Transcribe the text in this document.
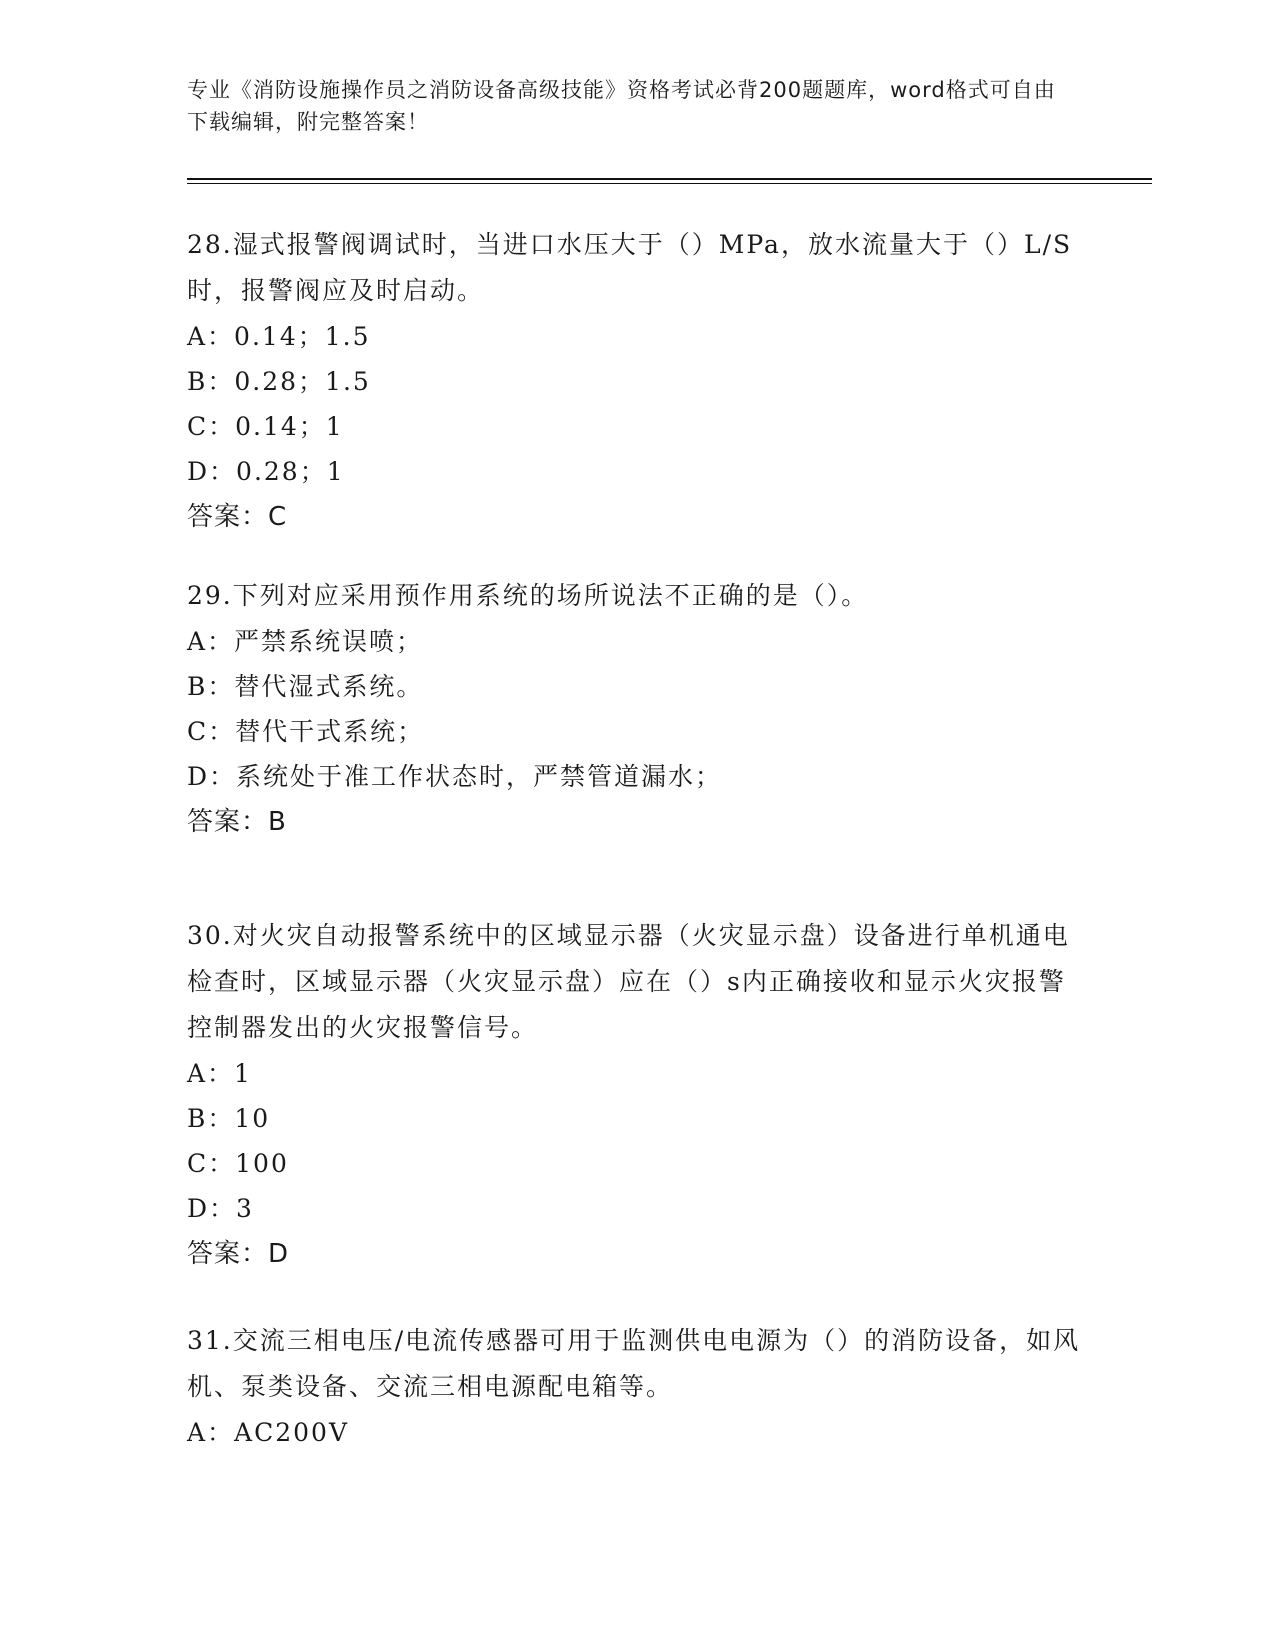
专业《消防设施操作员之消防设备高级技能》资格考试必背200题题库，word格式可自由下载编辑，附完整答案！

28.湿式报警阀调试时，当进口水压大于（）MPa，放水流量大于（）L/S时，报警阀应及时启动。

A：0.14；1.5

B：0.28；1.5

C：0.14；1

D：0.28；1

答案：C

29.下列对应采用预作用系统的场所说法不正确的是（）。

A：严禁系统误喷；

B：替代湿式系统。

C：替代干式系统；

D：系统处于准工作状态时，严禁管道漏水；

答案：B

30.对火灾自动报警系统中的区域显示器（火灾显示盘）设备进行单机通电检查时，区域显示器（火灾显示盘）应在（）s内正确接收和显示火灾报警控制器发出的火灾报警信号。

A：1

B：10

C：100

D：3

答案：D

31.交流三相电压/电流传感器可用于监测供电电源为（）的消防设备，如风机、泵类设备、交流三相电源配电箱等。

A：AC200V
